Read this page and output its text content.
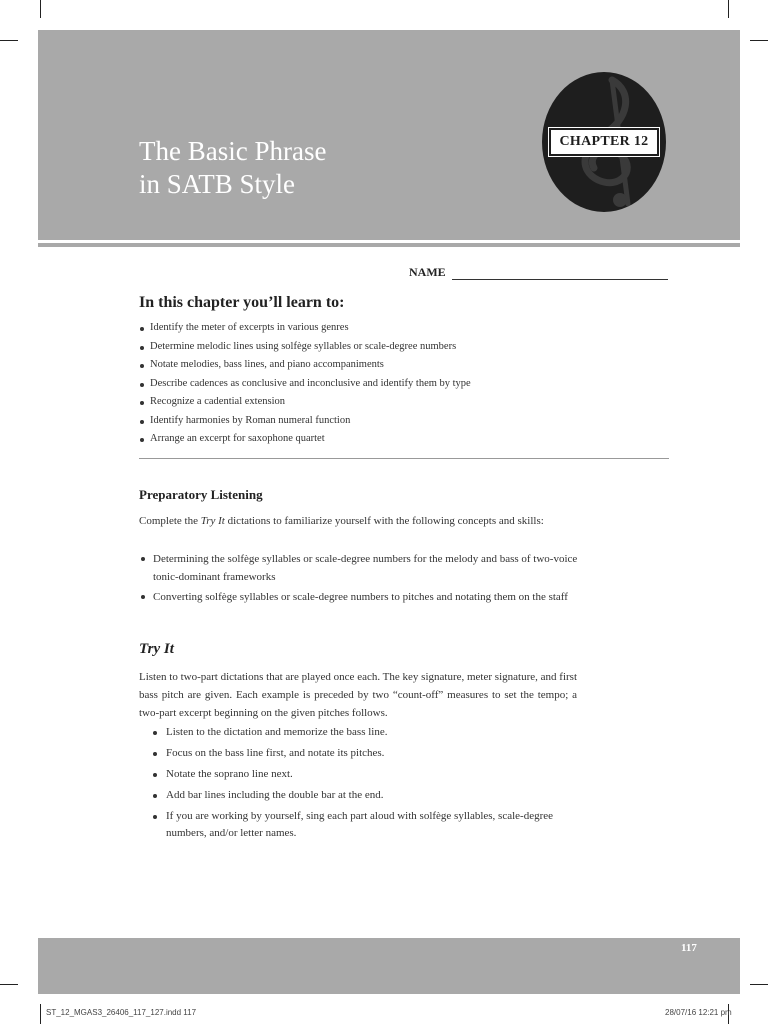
The Basic Phrase
in SATB Style
CHAPTER 12
NAME
In this chapter you’ll learn to:
Identify the meter of excerpts in various genres
Determine melodic lines using solfège syllables or scale-degree numbers
Notate melodies, bass lines, and piano accompaniments
Describe cadences as conclusive and inconclusive and identify them by type
Recognize a cadential extension
Identify harmonies by Roman numeral function
Arrange an excerpt for saxophone quartet
Preparatory Listening

Complete the Try It dictations to familiarize yourself with the following concepts and skills:

Determining the solfège syllables or scale-degree numbers for the melody and bass of two-voice tonic-dominant frameworks
Converting solfège syllables or scale-degree numbers to pitches and notating them on the staff
Try It

Listen to two-part dictations that are played once each. The key signature, meter signature, and first bass pitch are given. Each example is preceded by two “count-off” measures to set the tempo; a two-part excerpt beginning on the given pitches follows.

Listen to the dictation and memorize the bass line.
Focus on the bass line first, and notate its pitches.
Notate the soprano line next.
Add bar lines including the double bar at the end.
If you are working by yourself, sing each part aloud with solfège syllables, scale-degree numbers, and/or letter names.
117
ST_12_MGAS3_26406_117_127.indd 117	28/07/16 12:21 pm
